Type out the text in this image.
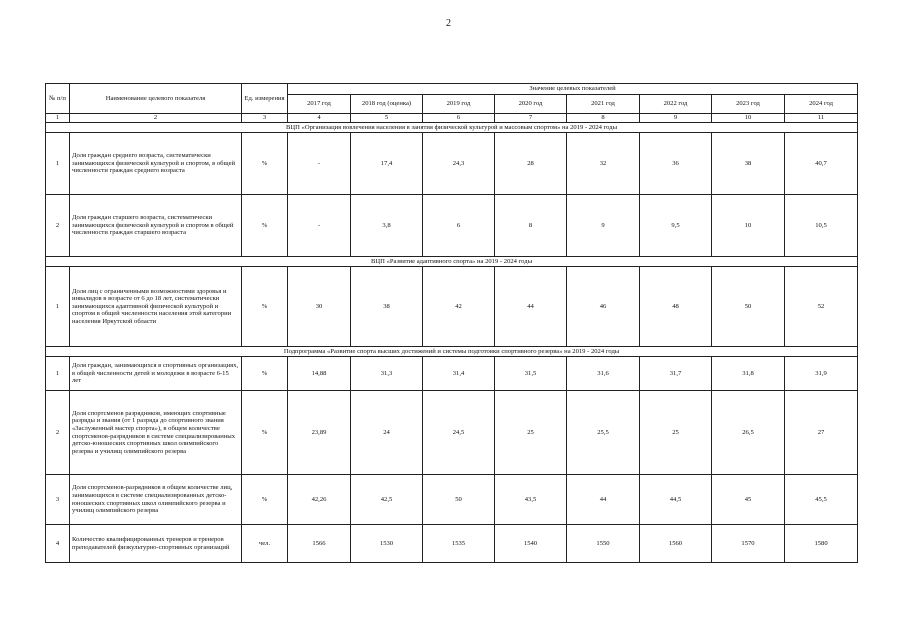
2
№ п/п	Наименование целевого показателя	Ед. измерения	Значение целевых показателей							
			2017 год	2018 год (оценка)	2019 год	2020 год	2021 год	2022 год	2023 год	2024 год
1	2	3	4	5	6	7	8	9	10	11
ВЦП «Организация вовлечения населения в занятия физической культурой и массовым спортом» на 2019 - 2024 годы										
1	Доля граждан среднего возраста, систематически занимающихся физической культурой и спортом, в общей численности граждан среднего возраста	%	-	17,4	24,3	28	32	36	38	40,7
2	Доля граждан старшего возраста, систематически занимающихся физической культурой и спортом в общей численности граждан старшего возраста	%	-	3,8	6	8	9	9,5	10	10,5
ВЦП «Развитие адаптивного спорта» на 2019 - 2024 годы										
1	Доля лиц с ограниченными возможностями здоровья и инвалидов в возрасте от 6 до 18 лет, систематически занимающихся адаптивной физической культурой и спортом в общей численности населения этой категории населения Иркутской области	%	30	38	42	44	46	48	50	52
Подпрограмма «Развитие спорта высших достижений и системы подготовки спортивного резерва» на 2019 - 2024 годы										
1	Доля граждан, занимающихся в спортивных организациях, в общей численности детей и молодежи в возрасте 6-15 лет	%	14,88	31,3	31,4	31,5	31,6	31,7	31,8	31,9
2	Доля спортсменов разрядников, имеющих спортивные разряды и звания (от 1 разряда до спортивного звания «Заслуженный мастер спорта»), в общем количестве спортсменов-разрядников в системе специализированных детско-юношеских спортивных школ олимпийского резерва и училищ олимпийского резерва	%	23,89	24	24,5	25	25,5	25	26,5	27
3	Доля спортсменов-разрядников в общем количестве лиц, занимающихся в системе специализированных детско-юношеских спортивных школ олимпийского резерва и училищ олимпийского резерва	%	42,26	42,5	50	43,5	44	44,5	45	45,5
4	Количество квалифицированных тренеров и тренеров преподавателей физкультурно-спортивных организаций	чел.	1566	1530	1535	1540	1550	1560	1570	1580
